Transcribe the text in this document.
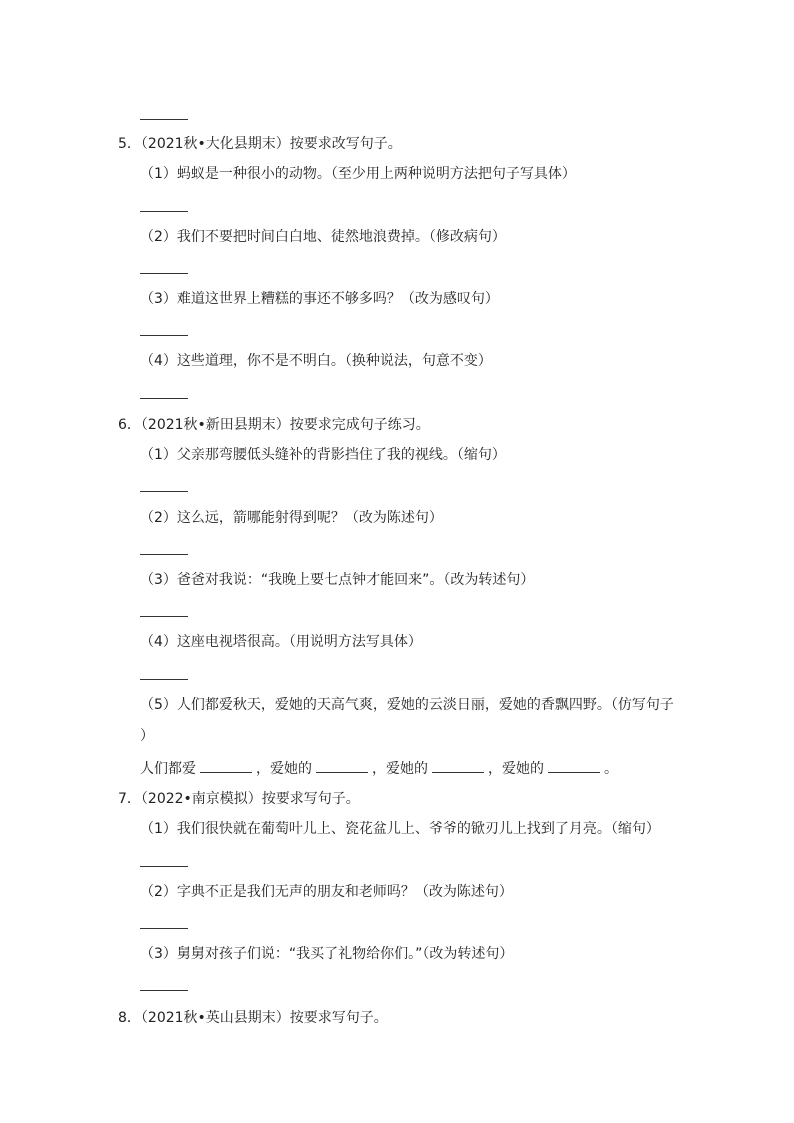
5．（2021秋•大化县期末）按要求改写句子。
（1）蚂蚁是一种很小的动物。（至少用上两种说明方法把句子写具体）
（2）我们不要把时间白白地、徒然地浪费掉。（修改病句）
（3）难道这世界上糟糕的事还不够多吗？（改为感叹句）
（4）这些道理，你不是不明白。（换种说法，句意不变）
6．（2021秋•新田县期末）按要求完成句子练习。
（1）父亲那弯腰低头缝补的背影挡住了我的视线。（缩句）
（2）这么远，箭哪能射得到呢？（改为陈述句）
（3）爸爸对我说：“我晚上要七点钟才能回来”。（改为转述句）
（4）这座电视塔很高。（用说明方法写具体）
（5）人们都爱秋天，爱她的天高气爽，爱她的云淡日丽，爱她的香飘四野。（仿写句子
）
人们都爱	，爱她的	，爱她的	，爱她的	。
7．（2022•南京模拟）按要求写句子。
（1）我们很快就在葡萄叶儿上、瓷花盆儿上、爷爷的锨刃儿上找到了月亮。（缩句）
（2）字典不正是我们无声的朋友和老师吗？（改为陈述句）
（3）舅舅对孩子们说：“我买了礼物给你们。”（改为转述句）
8．（2021秋•英山县期末）按要求写句子。
